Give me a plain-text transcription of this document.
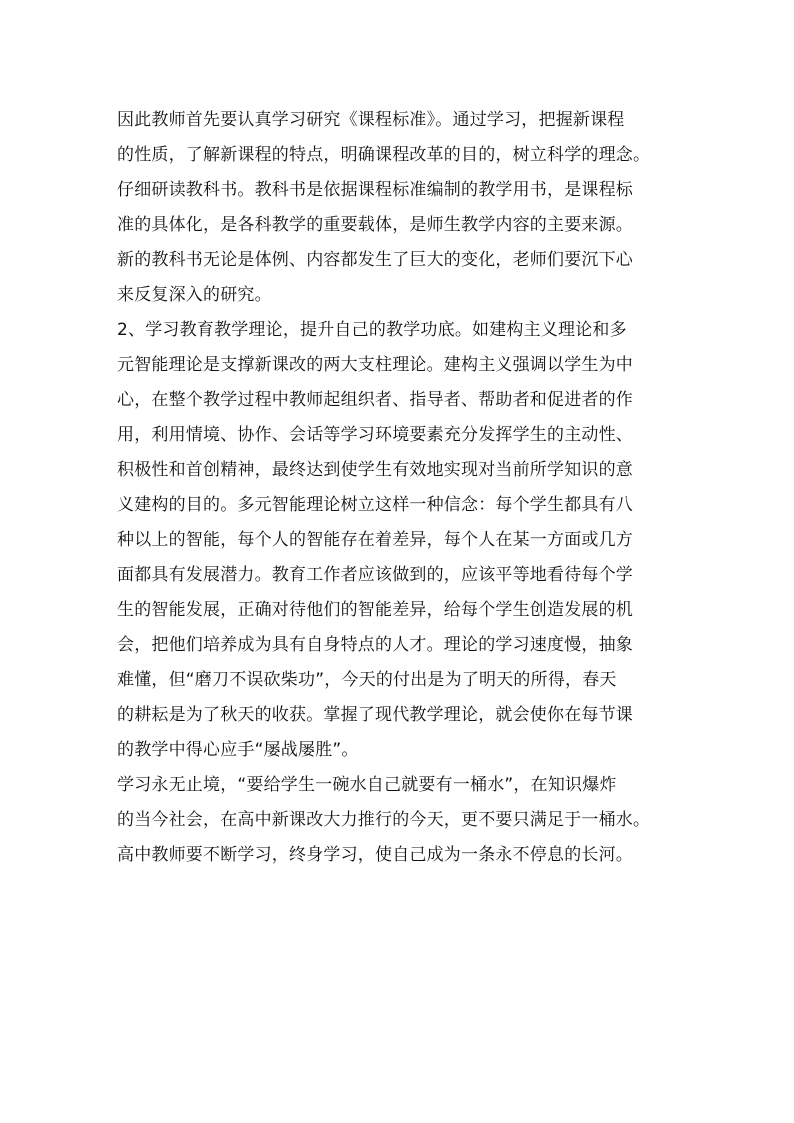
因此教师首先要认真学习研究《课程标准》。通过学习，把握新课程
的性质，了解新课程的特点，明确课程改革的目的，树立科学的理念。
仔细研读教科书。教科书是依据课程标准编制的教学用书，是课程标
准的具体化，是各科教学的重要载体，是师生教学内容的主要来源。
新的教科书无论是体例、内容都发生了巨大的变化，老师们要沉下心
来反复深入的研究。
2、学习教育教学理论，提升自己的教学功底。如建构主义理论和多
元智能理论是支撑新课改的两大支柱理论。建构主义强调以学生为中
心，在整个教学过程中教师起组织者、指导者、帮助者和促进者的作
用，利用情境、协作、会话等学习环境要素充分发挥学生的主动性、
积极性和首创精神，最终达到使学生有效地实现对当前所学知识的意
义建构的目的。多元智能理论树立这样一种信念：每个学生都具有八
种以上的智能，每个人的智能存在着差异，每个人在某一方面或几方
面都具有发展潜力。教育工作者应该做到的，应该平等地看待每个学
生的智能发展，正确对待他们的智能差异，给每个学生创造发展的机
会，把他们培养成为具有自身特点的人才。理论的学习速度慢，抽象
难懂，但“磨刀不误砍柴功”，今天的付出是为了明天的所得，春天
的耕耘是为了秋天的收获。掌握了现代教学理论，就会使你在每节课
的教学中得心应手“屡战屡胜”。
学习永无止境，“要给学生一碗水自己就要有一桶水”，在知识爆炸
的当今社会，在高中新课改大力推行的今天，更不要只满足于一桶水。
高中教师要不断学习，终身学习，使自己成为一条永不停息的长河。
